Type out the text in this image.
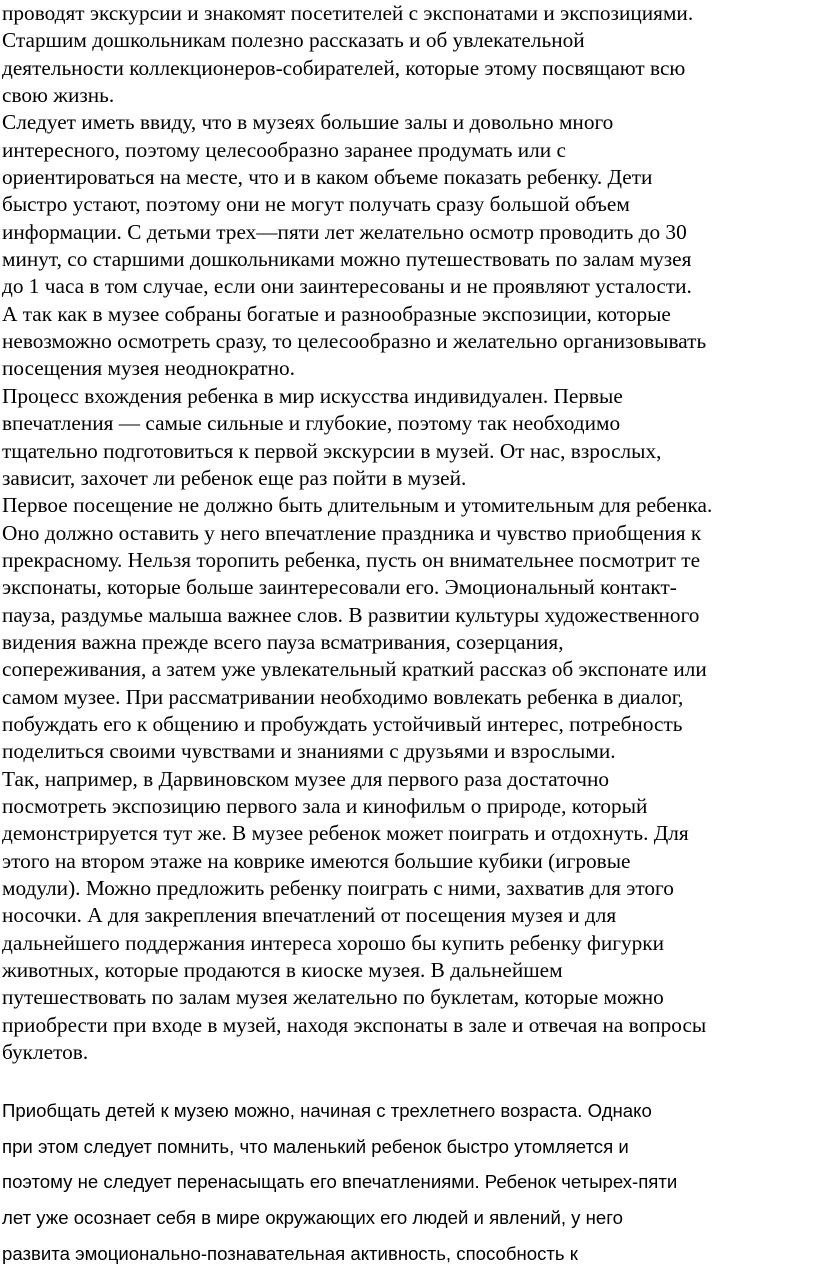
проводят экскурсии и знакомят посетителей с экспонатами и экспозициями.
Старшим дошкольникам полезно рассказать и об увлекательной
деятельности коллекционеров-собирателей, которые этому посвящают всю
свою жизнь.

Следует иметь ввиду, что в музеях большие залы и довольно много
интересного, поэтому целесообразно заранее продумать или с
ориентироваться на месте, что и в каком объеме показать ребенку. Дети
быстро устают, поэтому они не могут получать сразу большой объем
информации. С детьми трех—пяти лет желательно осмотр проводить до 30
минут, со старшими дошкольниками можно путешествовать по залам музея
до 1 часа в том случае, если они заинтересованы и не проявляют усталости.

А так как в музее собраны богатые и разнообразные экспозиции, которые
невозможно осмотреть сразу, то целесообразно и желательно организовывать
посещения музея неоднократно.

Процесс вхождения ребенка в мир искусства индивидуален. Первые
впечатления — самые сильные и глубокие, поэтому так необходимо
тщательно подготовиться к первой экскурсии в музей. От нас, взрослых,
зависит, захочет ли ребенок еще раз пойти в музей.

Первое посещение не должно быть длительным и утомительным для ребенка.
Оно должно оставить у него впечатление праздника и чувство приобщения к
прекрасному. Нельзя торопить ребенка, пусть он внимательнее посмотрит те
экспонаты, которые больше заинтересовали его. Эмоциональный контакт-
пауза, раздумье малыша важнее слов. В развитии культуры художественного
видения важна прежде всего пауза всматривания, созерцания,
сопереживания, а затем уже увлекательный краткий рассказ об экспонате или
самом музее. При рассматривании необходимо вовлекать ребенка в диалог,
побуждать его к общению и пробуждать устойчивый интерес, потребность
поделиться своими чувствами и знаниями с друзьями и взрослыми.

Так, например, в Дарвиновском музее для первого раза достаточно
посмотреть экспозицию первого зала и кинофильм о природе, который
демонстрируется тут же. В музее ребенок может поиграть и отдохнуть. Для
этого на втором этаже на коврике имеются большие кубики (игровые
модули). Можно предложить ребенку поиграть с ними, захватив для этого
носочки. А для закрепления впечатлений от посещения музея и для
дальнейшего поддержания интереса хорошо бы купить ребенку фигурки
животных, которые продаются в киоске музея. В дальнейшем
путешествовать по залам музея желательно по буклетам, которые можно
приобрести при входе в музей, находя экспонаты в зале и отвечая на вопросы
буклетов.

Приобщать детей к музею можно, начиная с трехлетнего возраста. Однако
при этом следует помнить, что маленький ребенок быстро утомляется и
поэтому не следует перенасыщать его впечатлениями. Ребенок четырех-пяти
лет уже осознает себя в мире окружающих его людей и явлений, у него
развита эмоционально-познавательная активность, способность к
